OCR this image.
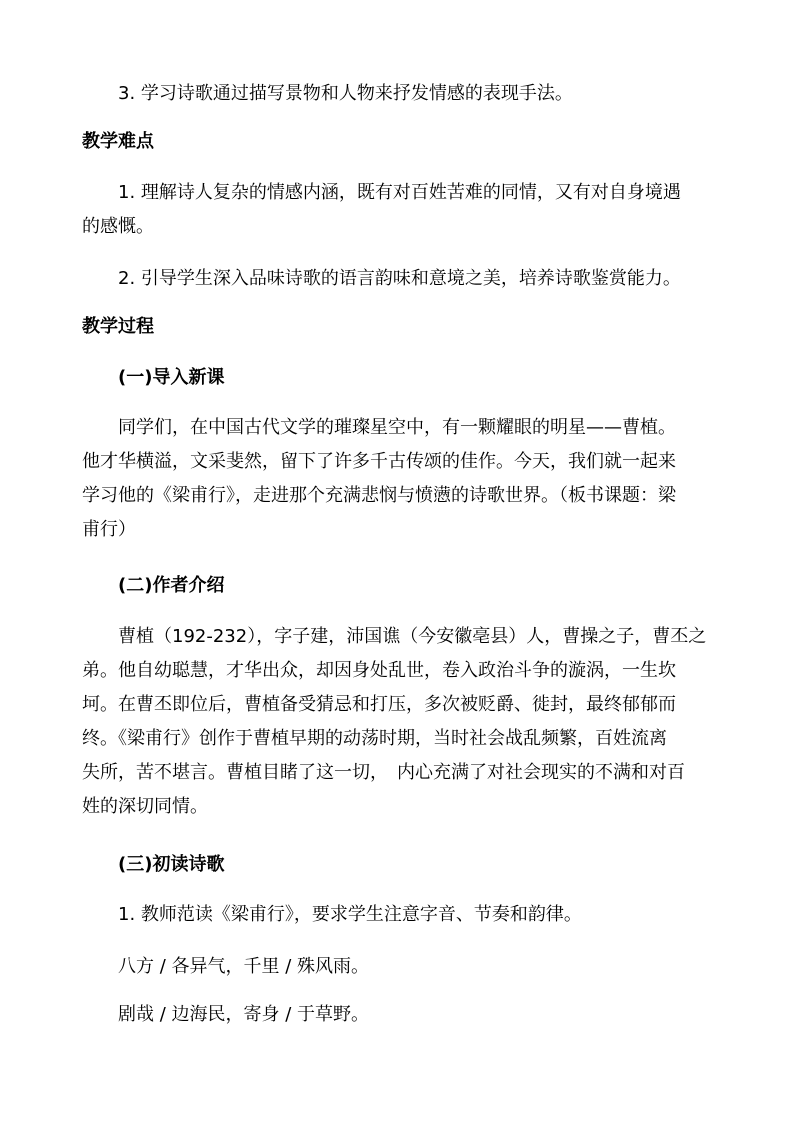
3. 学习诗歌通过描写景物和人物来抒发情感的表现手法。

教学难点

1. 理解诗人复杂的情感内涵，既有对百姓苦难的同情，又有对自身境遇
的感慨。

2. 引导学生深入品味诗歌的语言韵味和意境之美，培养诗歌鉴赏能力。

教学过程

(一)导入新课

同学们，在中国古代文学的璀璨星空中，有一颗耀眼的明星——曹植。
他才华横溢，文采斐然，留下了许多千古传颂的佳作。今天，我们就一起来
学习他的《梁甫行》，走进那个充满悲悯与愤懑的诗歌世界。（板书课题：梁
甫行）

(二)作者介绍

曹植（192-232），字子建，沛国谯（今安徽亳县）人，曹操之子，曹丕之
弟。他自幼聪慧，才华出众，却因身处乱世，卷入政治斗争的漩涡，一生坎
坷。在曹丕即位后，曹植备受猜忌和打压，多次被贬爵、徙封，最终郁郁而
终。《梁甫行》创作于曹植早期的动荡时期，当时社会战乱频繁，百姓流离
失所，苦不堪言。曹植目睹了这一切，　内心充满了对社会现实的不满和对百
姓的深切同情。

(三)初读诗歌

1. 教师范读《梁甫行》，要求学生注意字音、节奏和韵律。

八方 / 各异气，千里 / 殊风雨。

剧哉 / 边海民，寄身 / 于草野。
